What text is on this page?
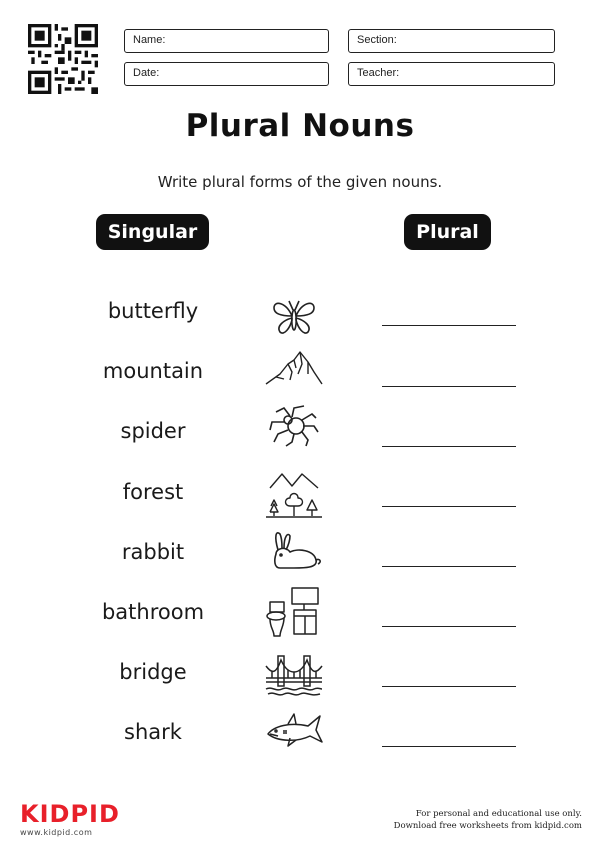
Name:	Section:
Date:	Teacher:
Plural Nouns
Write plural forms of the given nouns.
Singular	Plural
butterfly
mountain
spider
forest
rabbit
bathroom
bridge
shark
KIDPID
www.kidpid.com
For personal and educational use only.
Download free worksheets from kidpid.com
